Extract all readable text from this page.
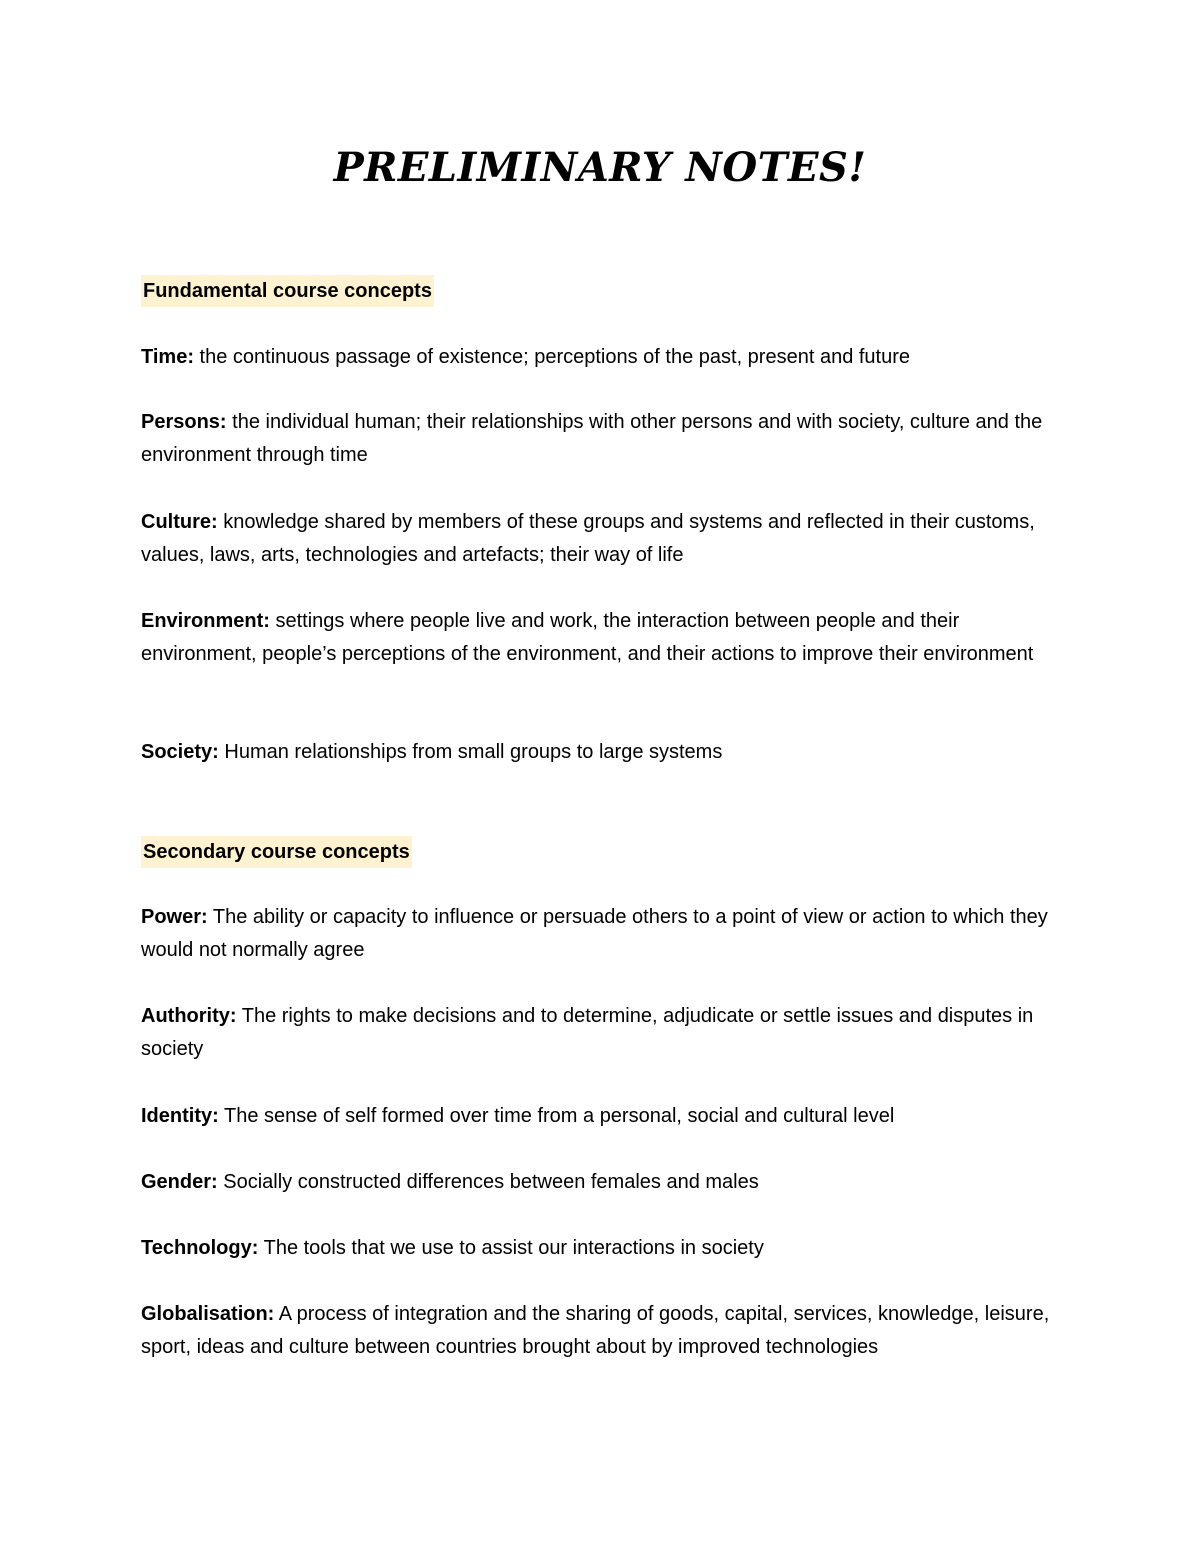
PRELIMINARY NOTES!
Fundamental course concepts

Time: the continuous passage of existence; perceptions of the past, present and future

Persons: the individual human; their relationships with other persons and with society, culture and the environment through time

Culture: knowledge shared by members of these groups and systems and reflected in their customs, values, laws, arts, technologies and artefacts; their way of life

Environment: settings where people live and work, the interaction between people and their environment, people’s perceptions of the environment, and their actions to improve their environment

Society: Human relationships from small groups to large systems

Secondary course concepts

Power: The ability or capacity to influence or persuade others to a point of view or action to which they would not normally agree

Authority: The rights to make decisions and to determine, adjudicate or settle issues and disputes in society

Identity: The sense of self formed over time from a personal, social and cultural level

Gender: Socially constructed differences between females and males

Technology: The tools that we use to assist our interactions in society

Globalisation: A process of integration and the sharing of goods, capital, services, knowledge, leisure, sport, ideas and culture between countries brought about by improved technologies
